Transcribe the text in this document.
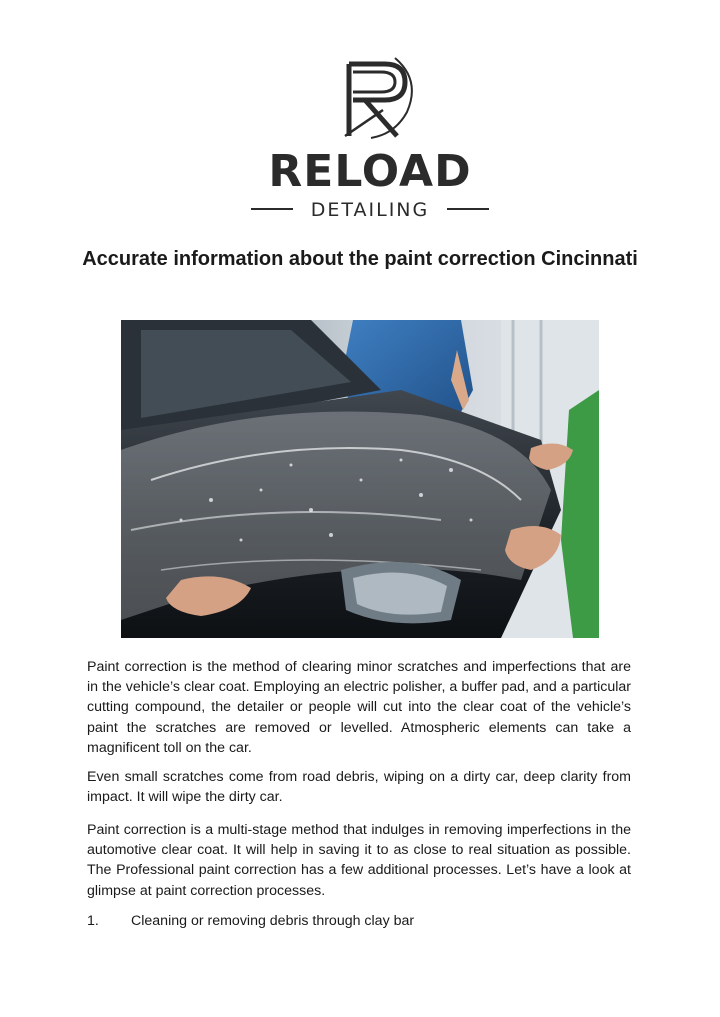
RELOAD
DETAILING
Accurate information about the paint correction Cincinnati

Paint correction is the method of clearing minor scratches and imperfections that are in the vehicle’s clear coat. Employing an electric polisher, a buffer pad, and a particular cutting compound, the detailer or people will cut into the clear coat of the vehicle’s paint the scratches are removed or levelled. Atmospheric elements can take a magnificent toll on the car.

Even small scratches come from road debris, wiping on a dirty car, deep clarity from impact. It will wipe the dirty car.

Paint correction is a multi-stage method that indulges in removing imperfections in the automotive clear coat. It will help in saving it to as close to real situation as possible. The Professional paint correction has a few additional processes. Let’s have a look at glimpse at paint correction processes.

1. Cleaning or removing debris through clay bar
